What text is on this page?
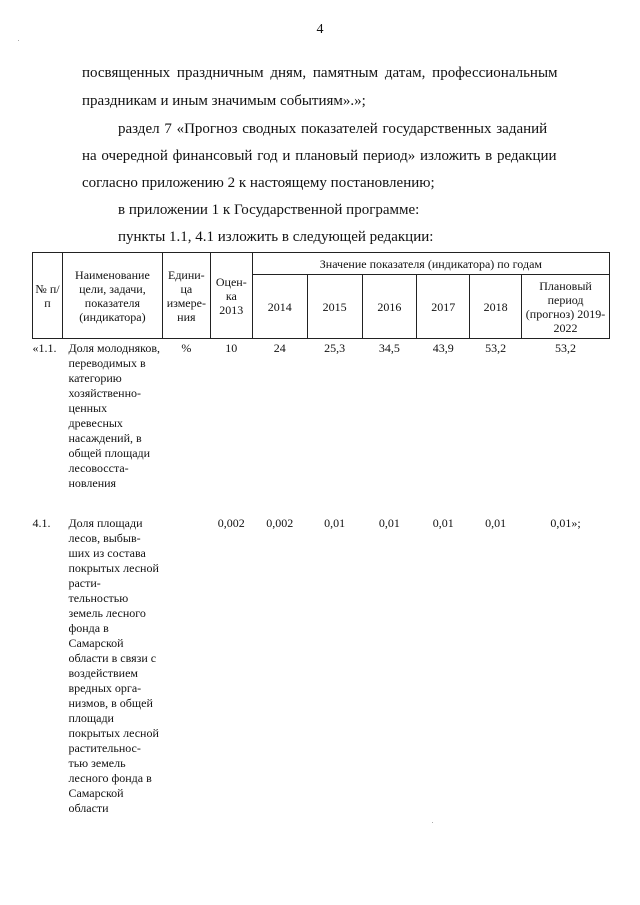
4
посвященных праздничным дням, памятным датам, профессиональным
праздникам и иным значимым событиям».»;
раздел 7 «Прогноз сводных показателей государственных заданий
на очередной финансовый год и плановый период» изложить в редакции
согласно приложению 2 к настоящему постановлению;
в приложении 1 к Государственной программе:
пункты 1.1, 4.1 изложить в следующей редакции:
№ п/п	Наименование цели, задачи, показателя (индикатора)	Едини-ца измере-ния	Оцен-ка 2013	Значение показателя (индикатора) по годам					
				2014	2015	2016	2017	2018	Плановый период (прогноз) 2019-2022
«1.1.	Доля молодняков, переводимых в категорию хозяйственно-ценных древесных насаждений, в общей площади лесовосста-новления	%	10	24	25,3	34,5	43,9	53,2	53,2
4.1.	Доля площади лесов, выбыв-ших из состава покрытых лесной расти-тельностью земель лесного фонда в Самарской области в связи с воздействием вредных орга-низмов, в общей площади покрытых лесной растительнос-тью земель лесного фонда в Самарской области		0,002	0,002	0,01	0,01	0,01	0,01	0,01»;
